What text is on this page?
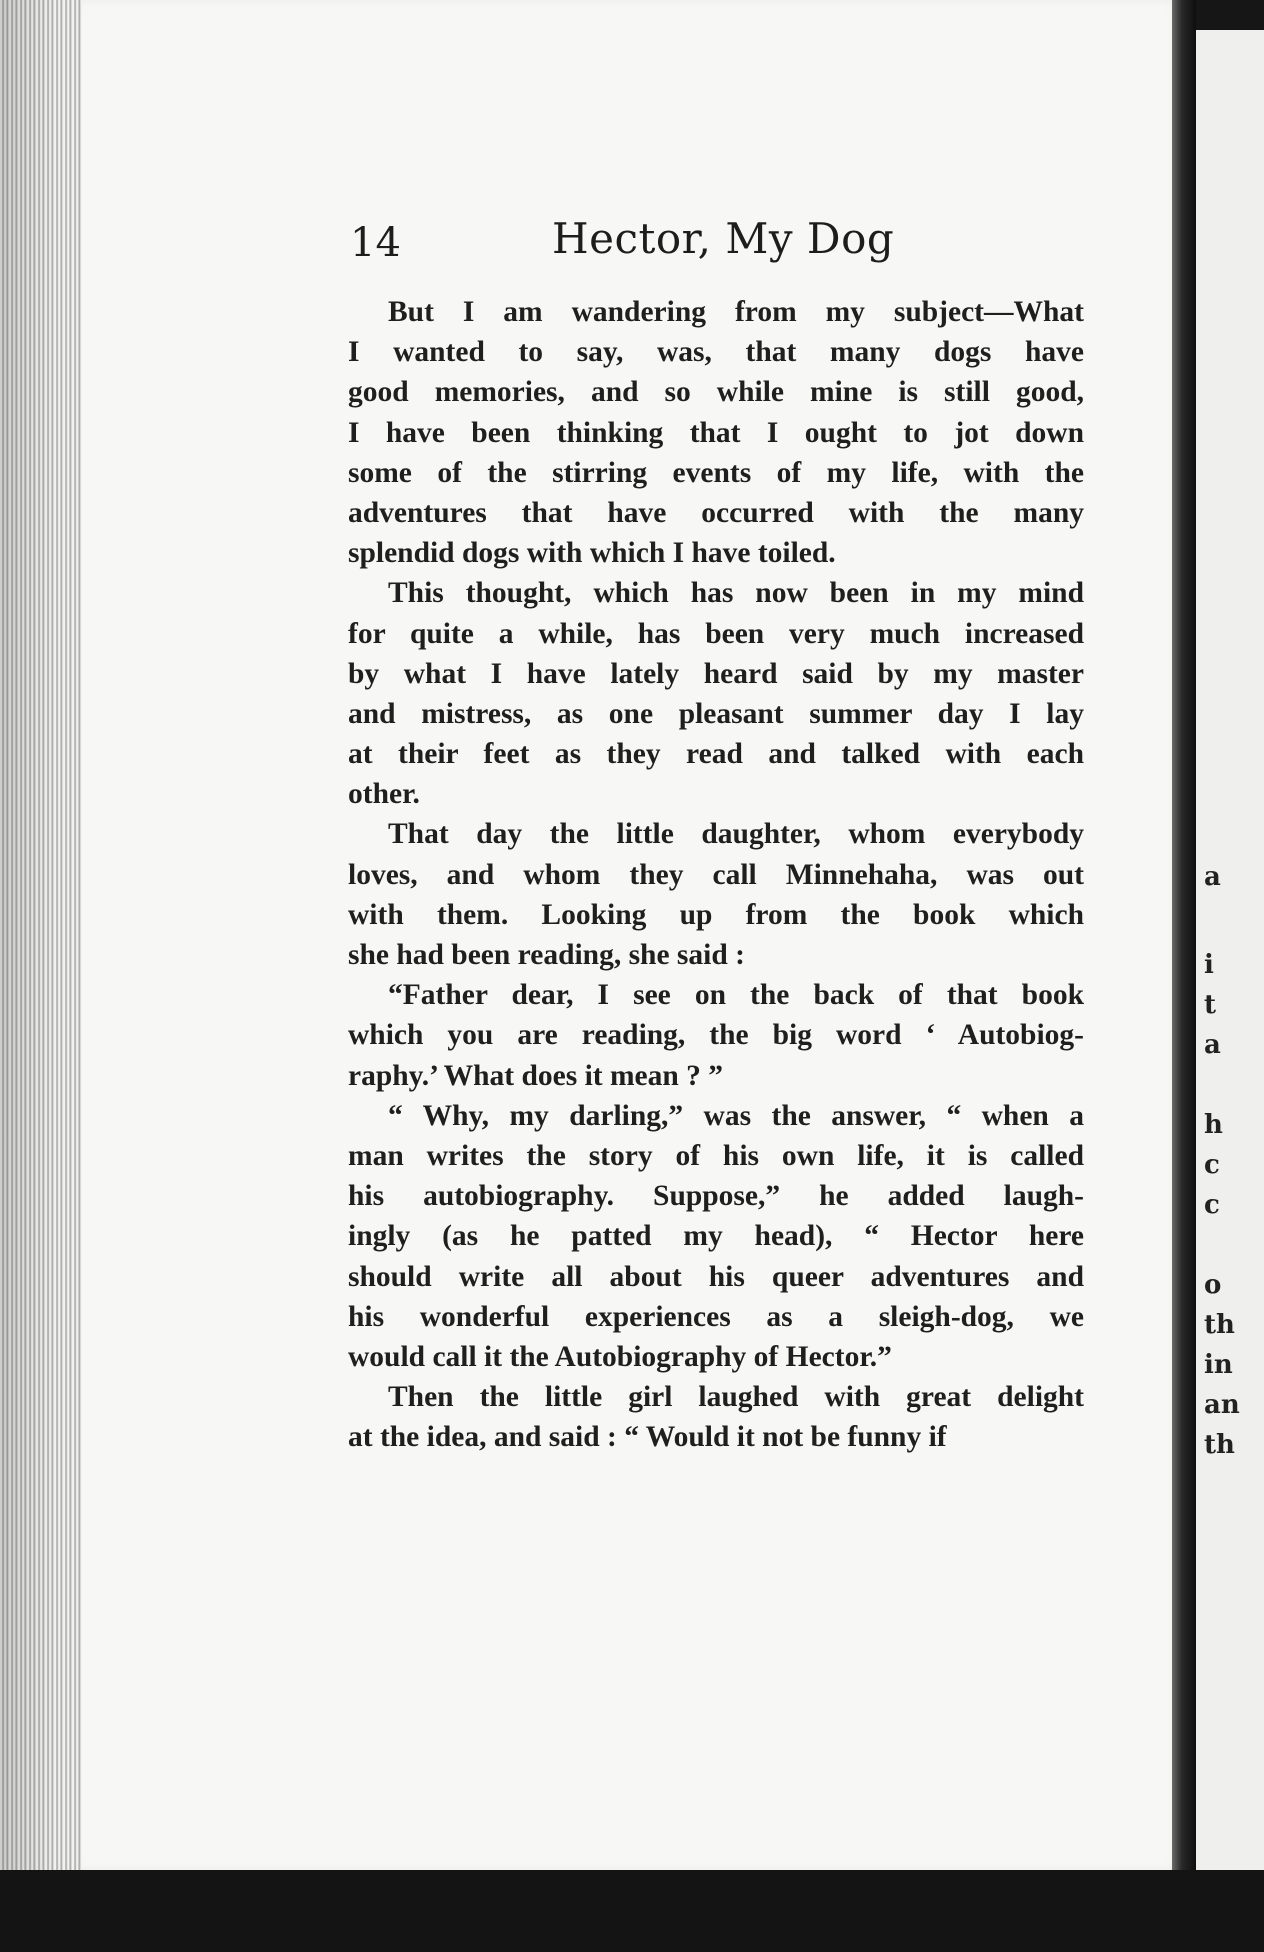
a
i
t
a
h
c
c
o
th
in
an
th
14	Hector, My Dog
But I am wandering from my subject—What
I wanted to say, was, that many dogs have
good memories, and so while mine is still good,
I have been thinking that I ought to jot down
some of the stirring events of my life, with the
adventures that have occurred with the many
splendid dogs with which I have toiled.
This thought, which has now been in my mind
for quite a while, has been very much increased
by what I have lately heard said by my master
and mistress, as one pleasant summer day I lay
at their feet as they read and talked with each
other.
That day the little daughter, whom everybody
loves, and whom they call Minnehaha, was out
with them. Looking up from the book which
she had been reading, she said :
“Father dear, I see on the back of that book
which you are reading, the big word ‘ Autobiog-
raphy.’ What does it mean ? ”
“ Why, my darling,” was the answer, “ when a
man writes the story of his own life, it is called
his autobiography. Suppose,” he added laugh-
ingly (as he patted my head), “ Hector here
should write all about his queer adventures and
his wonderful experiences as a sleigh-dog, we
would call it the Autobiography of Hector.”
Then the little girl laughed with great delight
at the idea, and said : “ Would it not be funny if
